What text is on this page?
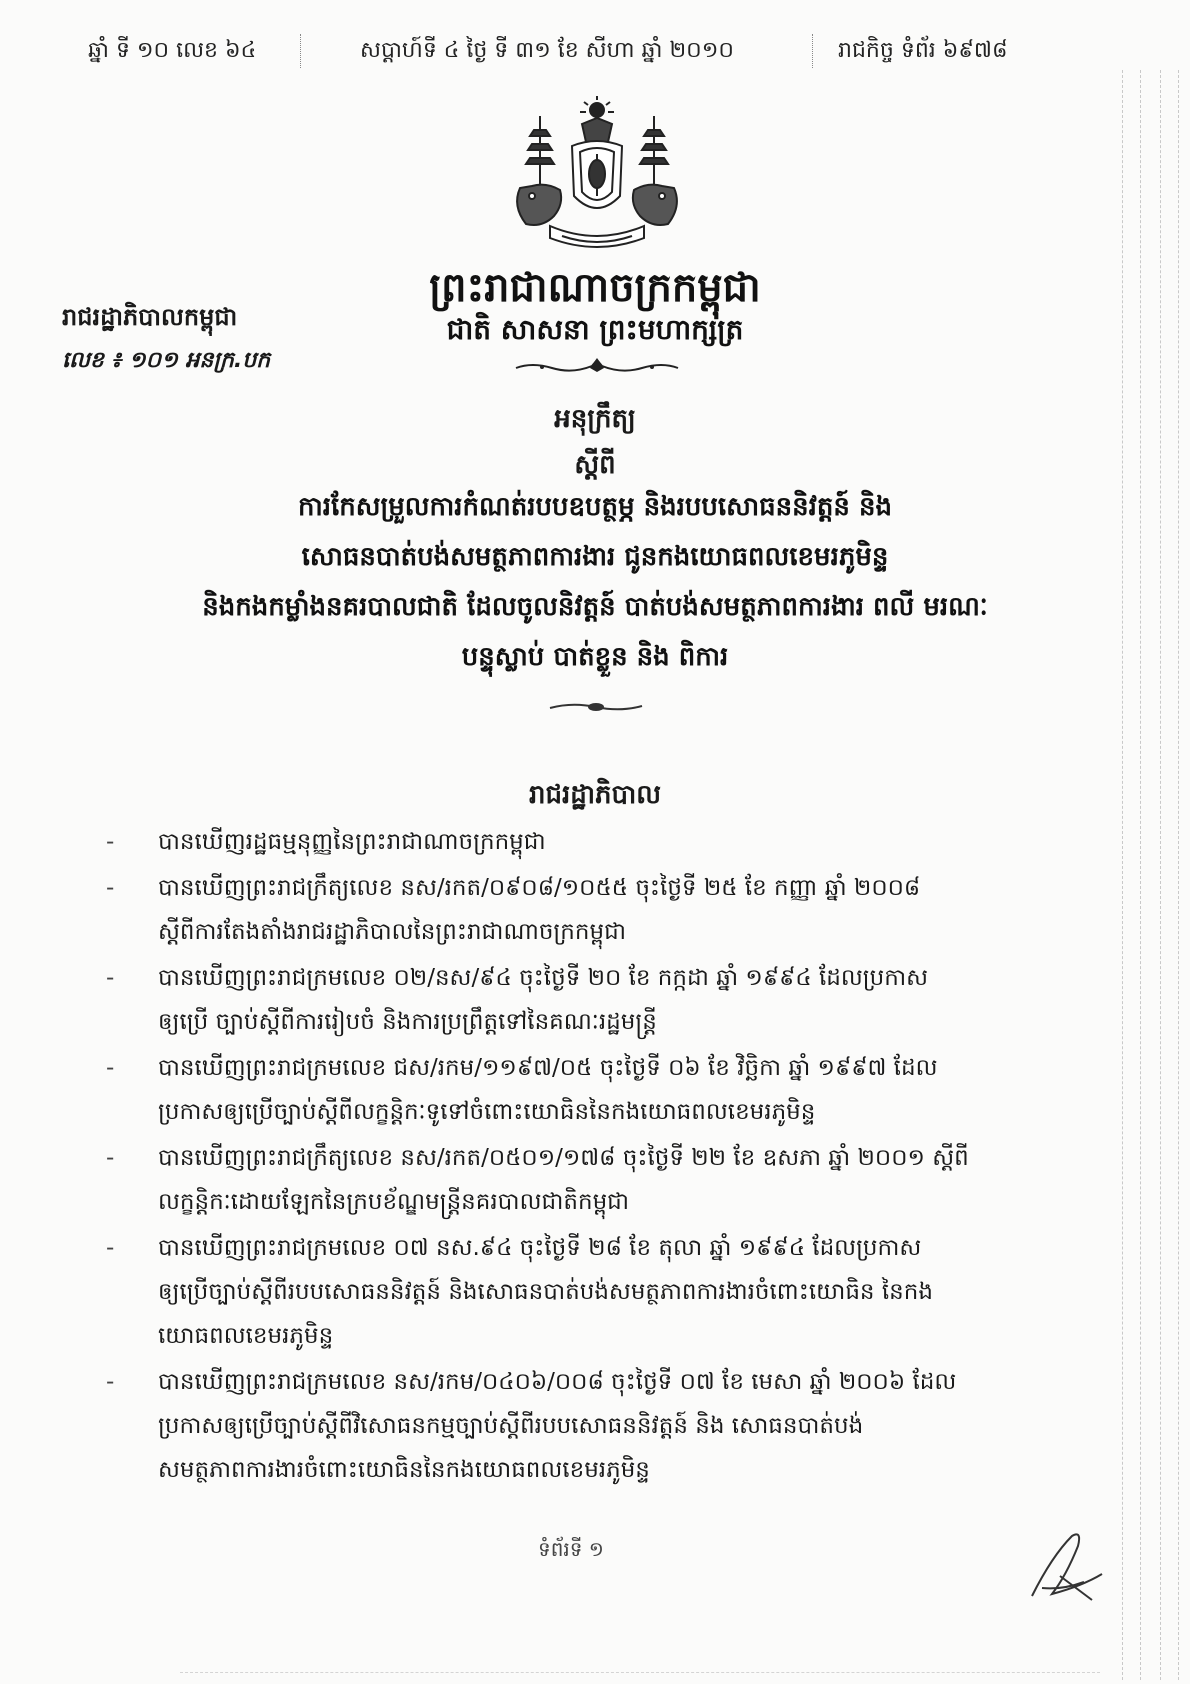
ឆ្នាំ ទី ១០ លេខ ៦៤	សប្ដាហ៍ទី ៤ ថ្ងៃ ទី ៣១ ខែ សីហា ឆ្នាំ ២០១០	រាជកិច្ច ទំព័រ ៦៩៧៨
ព្រះរាជាណាចក្រកម្ពុជា
ជាតិ សាសនា ព្រះមហាក្សត្រ
រាជរដ្ឋាភិបាលកម្ពុជា
លេខ ៖ ១០១ អនក្រ.បក
អនុក្រឹត្យ
ស្ដីពី
ការកែសម្រួលការកំណត់របបឧបត្ថម្ភ និងរបបសោធននិវត្តន៍ និង
សោធនបាត់បង់សមត្ថភាពការងារ ជូនកងយោធពលខេមរភូមិន្ទ
និងកងកម្លាំងនគរបាលជាតិ ដែលចូលនិវត្តន៍ បាត់បង់សមត្ថភាពការងារ ពលី មរណៈ
បន្ទុស្លាប់ បាត់ខ្លួន និង ពិការ
រាជរដ្ឋាភិបាល
- បានឃើញរដ្ឋធម្មនុញ្ញនៃព្រះរាជាណាចក្រកម្ពុជា
- បានឃើញព្រះរាជក្រឹត្យលេខ នស/រកត/០៩០៨/១០៥៥ ចុះថ្ងៃទី ២៥ ខែ កញ្ញា ឆ្នាំ ២០០៨
ស្ដីពីការតែងតាំងរាជរដ្ឋាភិបាលនៃព្រះរាជាណាចក្រកម្ពុជា
- បានឃើញព្រះរាជក្រមលេខ ០២/នស/៩៤ ចុះថ្ងៃទី ២០ ខែ កក្កដា ឆ្នាំ ១៩៩៤ ដែលប្រកាស
ឲ្យប្រើ ច្បាប់ស្ដីពីការរៀបចំ និងការប្រព្រឹត្តទៅនៃគណៈរដ្ឋមន្ត្រី
- បានឃើញព្រះរាជក្រមលេខ ជស/រកម/១១៩៧/០៥ ចុះថ្ងៃទី ០៦ ខែ វិច្ឆិកា ឆ្នាំ ១៩៩៧ ដែល
ប្រកាសឲ្យប្រើច្បាប់ស្ដីពីលក្ខន្តិកៈទូទៅចំពោះយោធិននៃកងយោធពលខេមរភូមិន្ទ
- បានឃើញព្រះរាជក្រឹត្យលេខ នស/រកត/០៥០១/១៧៨ ចុះថ្ងៃទី ២២ ខែ ឧសភា ឆ្នាំ ២០០១ ស្ដីពី
លក្ខន្តិកៈដោយឡែកនៃក្របខ័ណ្ឌមន្ត្រីនគរបាលជាតិកម្ពុជា
- បានឃើញព្រះរាជក្រមលេខ ០៧ នស.៩៤ ចុះថ្ងៃទី ២៨ ខែ តុលា ឆ្នាំ ១៩៩៤ ដែលប្រកាស
ឲ្យប្រើច្បាប់ស្ដីពីរបបសោធននិវត្តន៍ និងសោធនបាត់បង់សមត្ថភាពការងារចំពោះយោធិន នៃកង
យោធពលខេមរភូមិន្ទ
- បានឃើញព្រះរាជក្រមលេខ នស/រកម/០៤០៦/០០៨ ចុះថ្ងៃទី ០៧ ខែ មេសា ឆ្នាំ ២០០៦ ដែល
ប្រកាសឲ្យប្រើច្បាប់ស្ដីពីវិសោធនកម្មច្បាប់ស្ដីពីរបបសោធននិវត្តន៍ និង សោធនបាត់បង់
សមត្ថភាពការងារចំពោះយោធិននៃកងយោធពលខេមរភូមិន្ទ
ទំព័រទី ១
